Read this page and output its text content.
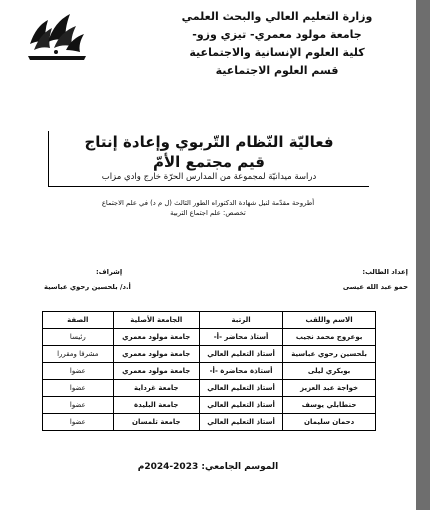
وزارة التعليم العالي والبحث العلمي
جامعة مولود معمري- تيزي وزو-
كلية العلوم الإنسانية والاجتماعية
قسم العلوم الاجتماعية
فعاليّة النّظام التّربوي وإعادة إنتاج
قيم مجتمع الأمّ
دراسة ميدانيّة لمجموعة من المدارس الحرّة خارج وادي مزاب
أطروحة مقدّمة لنيل شهادة الدكتوراه الطور الثالث (ل م د) في علم الاجتماع
تخصص: علم اجتماع التربية
إعداد الطالب:
حمو عبد الله عيسى
إشراف:
أ.د/ بلحسين رحوي عباسية
الاسم واللقب	الرتبة	الجامعة الأصلية	الصفة
بوعروج محمد نجيب	أستاذ محاضر -أ-	جامعة مولود معمري	رئيسا
بلحسين رحوي عباسية	أستاذ التعليم العالي	جامعة مولود معمري	مشرفا ومقررا
بوبكري ليلى	أستاذة محاضرة -أ-	جامعة مولود معمري	عضوا
خواجة عبد العزيز	أستاذ التعليم العالي	جامعة غرداية	عضوا
حنطابلي يوسف	أستاذ التعليم العالي	جامعة البليدة	عضوا
دحمان سليمان	أستاذ التعليم العالي	جامعة تلمسان	عضوا
الموسم الجامعي: 2023-2024م
